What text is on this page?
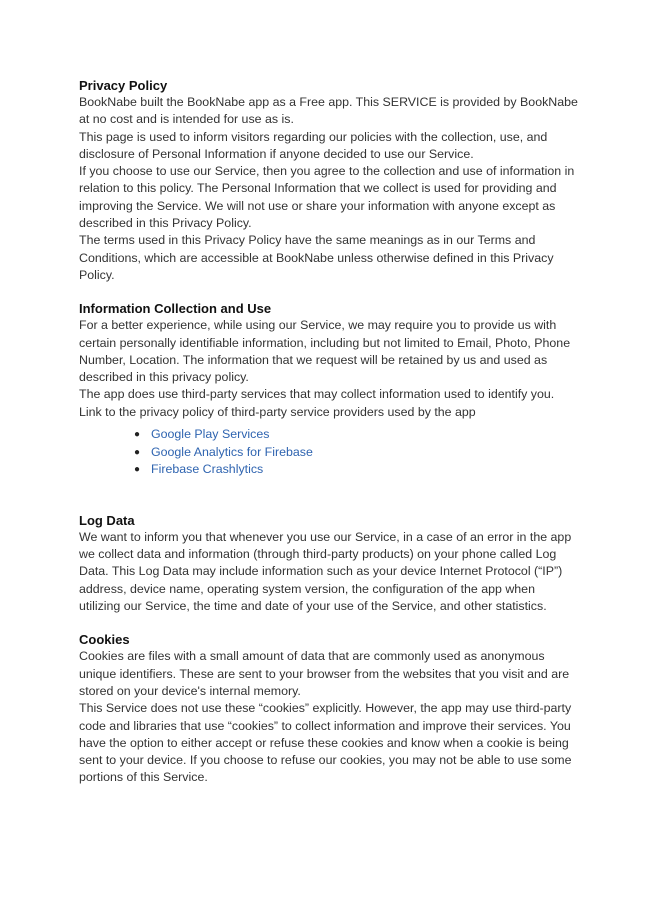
Privacy Policy

BookNabe built the BookNabe app as a Free app. This SERVICE is provided by BookNabe at no cost and is intended for use as is.

This page is used to inform visitors regarding our policies with the collection, use, and disclosure of Personal Information if anyone decided to use our Service.

If you choose to use our Service, then you agree to the collection and use of information in relation to this policy. The Personal Information that we collect is used for providing and improving the Service. We will not use or share your information with anyone except as described in this Privacy Policy.

The terms used in this Privacy Policy have the same meanings as in our Terms and Conditions, which are accessible at BookNabe unless otherwise defined in this Privacy Policy.

Information Collection and Use

For a better experience, while using our Service, we may require you to provide us with certain personally identifiable information, including but not limited to Email, Photo, Phone Number, Location. The information that we request will be retained by us and used as described in this privacy policy.

The app does use third-party services that may collect information used to identify you.

Link to the privacy policy of third-party service providers used by the app

● Google Play Services
● Google Analytics for Firebase
● Firebase Crashlytics

Log Data

We want to inform you that whenever you use our Service, in a case of an error in the app we collect data and information (through third-party products) on your phone called Log Data. This Log Data may include information such as your device Internet Protocol (“IP”) address, device name, operating system version, the configuration of the app when utilizing our Service, the time and date of your use of the Service, and other statistics.

Cookies

Cookies are files with a small amount of data that are commonly used as anonymous unique identifiers. These are sent to your browser from the websites that you visit and are stored on your device's internal memory.

This Service does not use these “cookies” explicitly. However, the app may use third-party code and libraries that use “cookies” to collect information and improve their services. You have the option to either accept or refuse these cookies and know when a cookie is being sent to your device. If you choose to refuse our cookies, you may not be able to use some portions of this Service.
